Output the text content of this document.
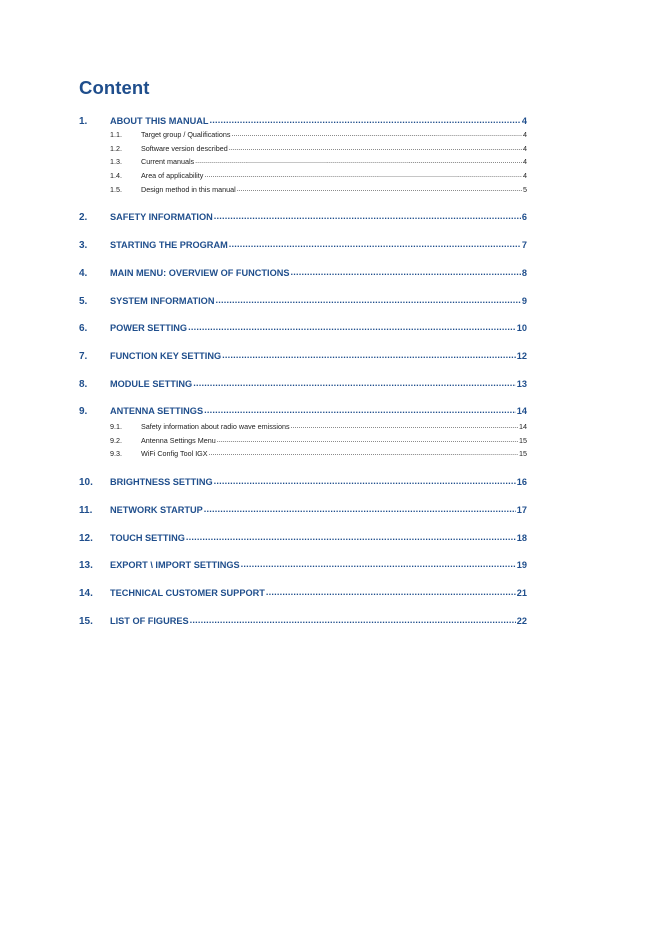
Content
1.	ABOUT THIS MANUAL .....	4
1.1.	Target group / Qualifications .....	4
1.2.	Software version described .....	4
1.3.	Current manuals .....	4
1.4.	Area of applicability .....	4
1.5.	Design method in this manual .....	5
2.	SAFETY INFORMATION .....	6
3.	STARTING THE PROGRAM .....	7
4.	MAIN MENU: OVERVIEW OF FUNCTIONS .....	8
5.	SYSTEM INFORMATION .....	9
6.	POWER SETTING .....	10
7.	FUNCTION KEY SETTING .....	12
8.	MODULE SETTING .....	13
9.	ANTENNA SETTINGS .....	14
9.1.	Safety information about radio wave emissions .....	14
9.2.	Antenna Settings Menu .....	15
9.3.	WiFi Config Tool IGX .....	15
10.	BRIGHTNESS SETTING .....	16
11.	NETWORK STARTUP .....	17
12.	TOUCH SETTING .....	18
13.	EXPORT \ IMPORT SETTINGS .....	19
14.	TECHNICAL CUSTOMER SUPPORT .....	21
15.	LIST OF FIGURES .....	22
